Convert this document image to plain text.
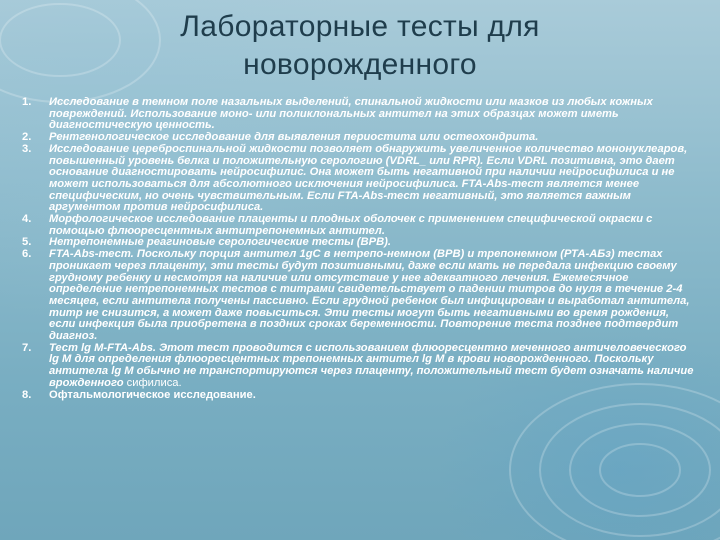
Лабораторные тесты для
новорожденного
1. Исследование в темном поле назальных выделений, спинальной жидкости или мазков из любых кожных повреждений. Использование моно- или поликлональных антител на этих образцах может иметь диагностическую ценность.
2. Рентгенологическое исследование для выявления периостита или остеохондрита.
3. Исследование цереброспинальной жидкости позволяет обнаружить увеличенное количество мононуклеаров, повышенный уровень белка и положительную серологию (VDRL_ или RPR). Если VDRL позитивна, это дает основание диагностировать нейросифилис. Она может быть негативной при наличии нейросифилиса и не может использоваться для абсолютного исключения нейросифилиса. FTA-Abs-тест является менее специфическим, но очень чувствительным. Если FTA-Abs-тест негативный, это является важным аргументом против нейросифилиса.
4. Морфологическое исследование плаценты и плодных оболочек с применением специфической окраски с помощью флюоресцентных антитрепонемных антител.
5. Нетрепонемные реагиновые серологические тесты (ВРВ).
6. FTA-Abs-тест. Поскольку порция антител 1gC в нетрепо-немном (ВРВ) и трепонемном (РТА-АБз) тестах проникает через плаценту, эти тесты будут позитивными, даже если мать не передала инфекцию своему грудному ребенку и несмотря на наличие или отсутствие у нее адекватного лечения. Ежемесячное определение нетрепонемных тестов с титрами свидетельствует о падении титров до нуля в течение 2-4 месяцев, если антитела получены пассивно. Если грудной ребенок был инфицирован и выработал антитела, титр не снизится, а может даже повыситься. Эти тесты могут быть негативными во время рождения, если инфекция была приобретена в поздних сроках беременности. Повторение теста позднее подтвердит диагноз.
7. Тест lg M-FTA-Abs. Этот тест проводится с использованием флюоресцентно меченного античеловеческого lg M для определения флюоресцентных трепонемных антител lg M в крови новорожденного. Поскольку антитела lg M обычно не транспортируются через плаценту, положительный тест будет означать наличие врожденного сифилиса.
8. Офтальмологическое исследование.
